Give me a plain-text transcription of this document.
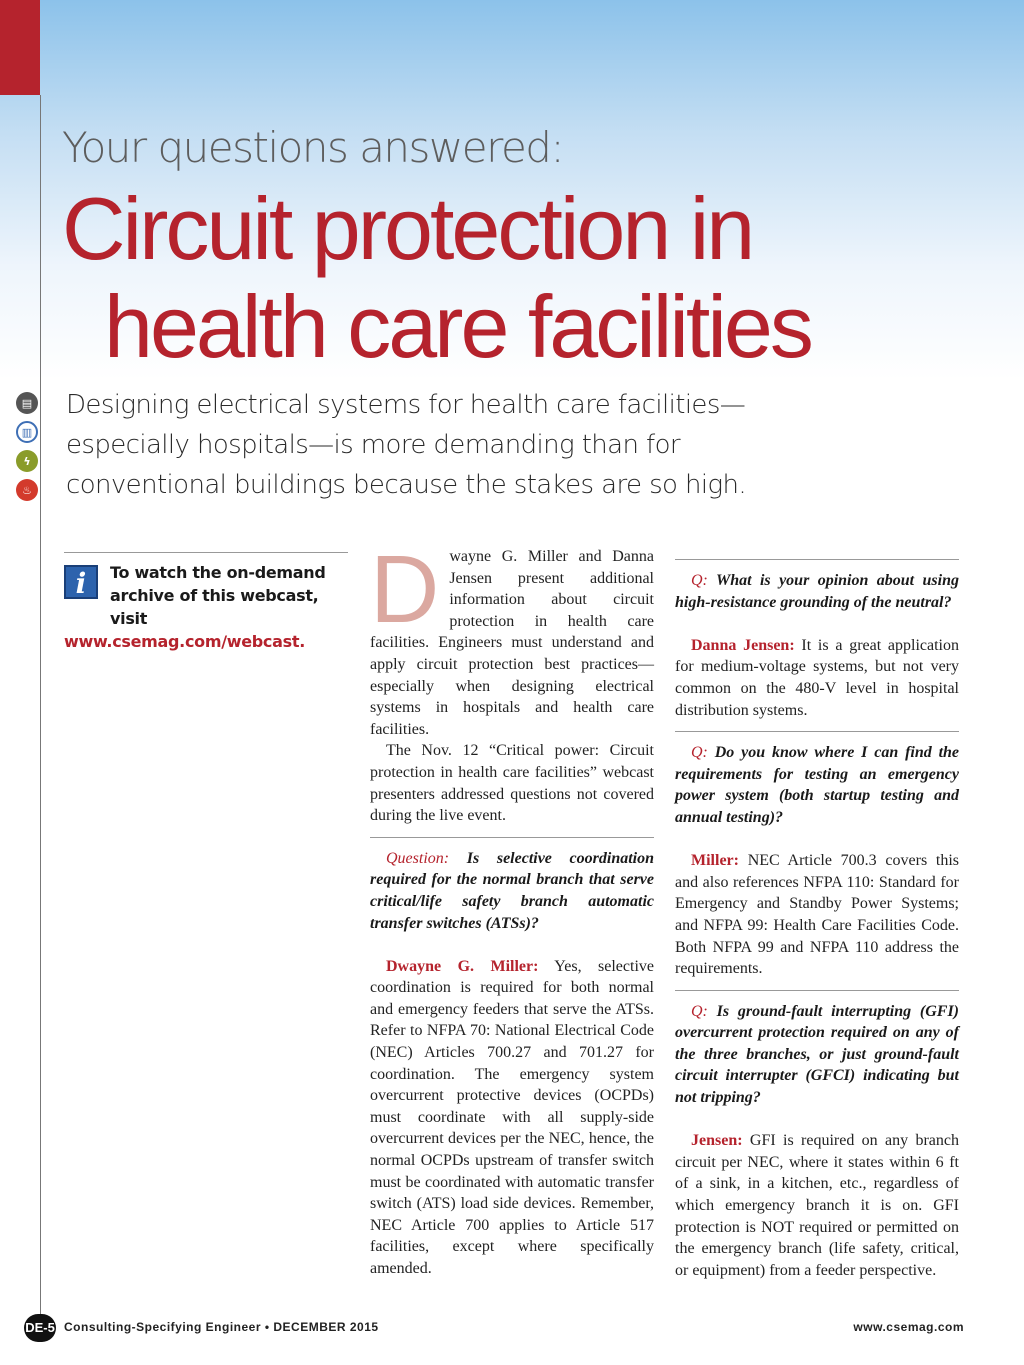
Your questions answered:
Circuit protection in
health care facilities
▤
▥
ϟ
♨
Designing electrical systems for health care facilities—especially hospitals—is more demanding than for conventional buildings because the stakes are so high.
i	To watch the on-demand archive of this webcast, visit
www.csemag.com/webcast. D wayne G. Miller and Danna Jensen present additional information about circuit protection in health care facilities. Engineers must understand and apply circuit protection best practices—especially when designing electrical systems in hospitals and health care facilities.

The Nov. 12 “Critical power: Circuit protection in health care facilities” webcast presenters addressed questions not covered during the live event.

Question: Is selective coordination required for the normal branch that serve critical/life safety branch automatic transfer switches (ATSs)?

Dwayne G. Miller: Yes, selective coordination is required for both normal and emergency feeders that serve the ATSs. Refer to NFPA 70: National Electrical Code (NEC) Articles 700.27 and 701.27 for coordination. The emergency system overcurrent protective devices (OCPDs) must coordinate with all supply-side overcurrent devices per the NEC, hence, the normal OCPDs upstream of transfer switch must be coordinated with automatic transfer switch (ATS) load side devices. Remember, NEC Article 700 applies to Article 517 facilities, except where specifically amended.

Q: What is your opinion about using high-resistance grounding of the neutral?

Danna Jensen: It is a great application for medium-voltage systems, but not very common on the 480-V level in hospital distribution systems.

Q: Do you know where I can find the requirements for testing an emergency power system (both startup testing and annual testing)?

Miller: NEC Article 700.3 covers this and also references NFPA 110: Standard for Emergency and Standby Power Systems; and NFPA 99: Health Care Facilities Code. Both NFPA 99 and NFPA 110 address the requirements.

Q: Is ground-fault interrupting (GFI) overcurrent protection required on any of the three branches, or just ground-fault circuit interrupter (GFCI) indicating but not tripping?

Jensen: GFI is required on any branch circuit per NEC, where it states within 6 ft of a sink, in a kitchen, etc., regardless of which emergency branch it is on. GFI protection is NOT required or permitted on the emergency branch (life safety, critical, or equipment) from a feeder perspective.

DE-5 Consulting-Specifying Engineer • DECEMBER 2015	www.csemag.com
